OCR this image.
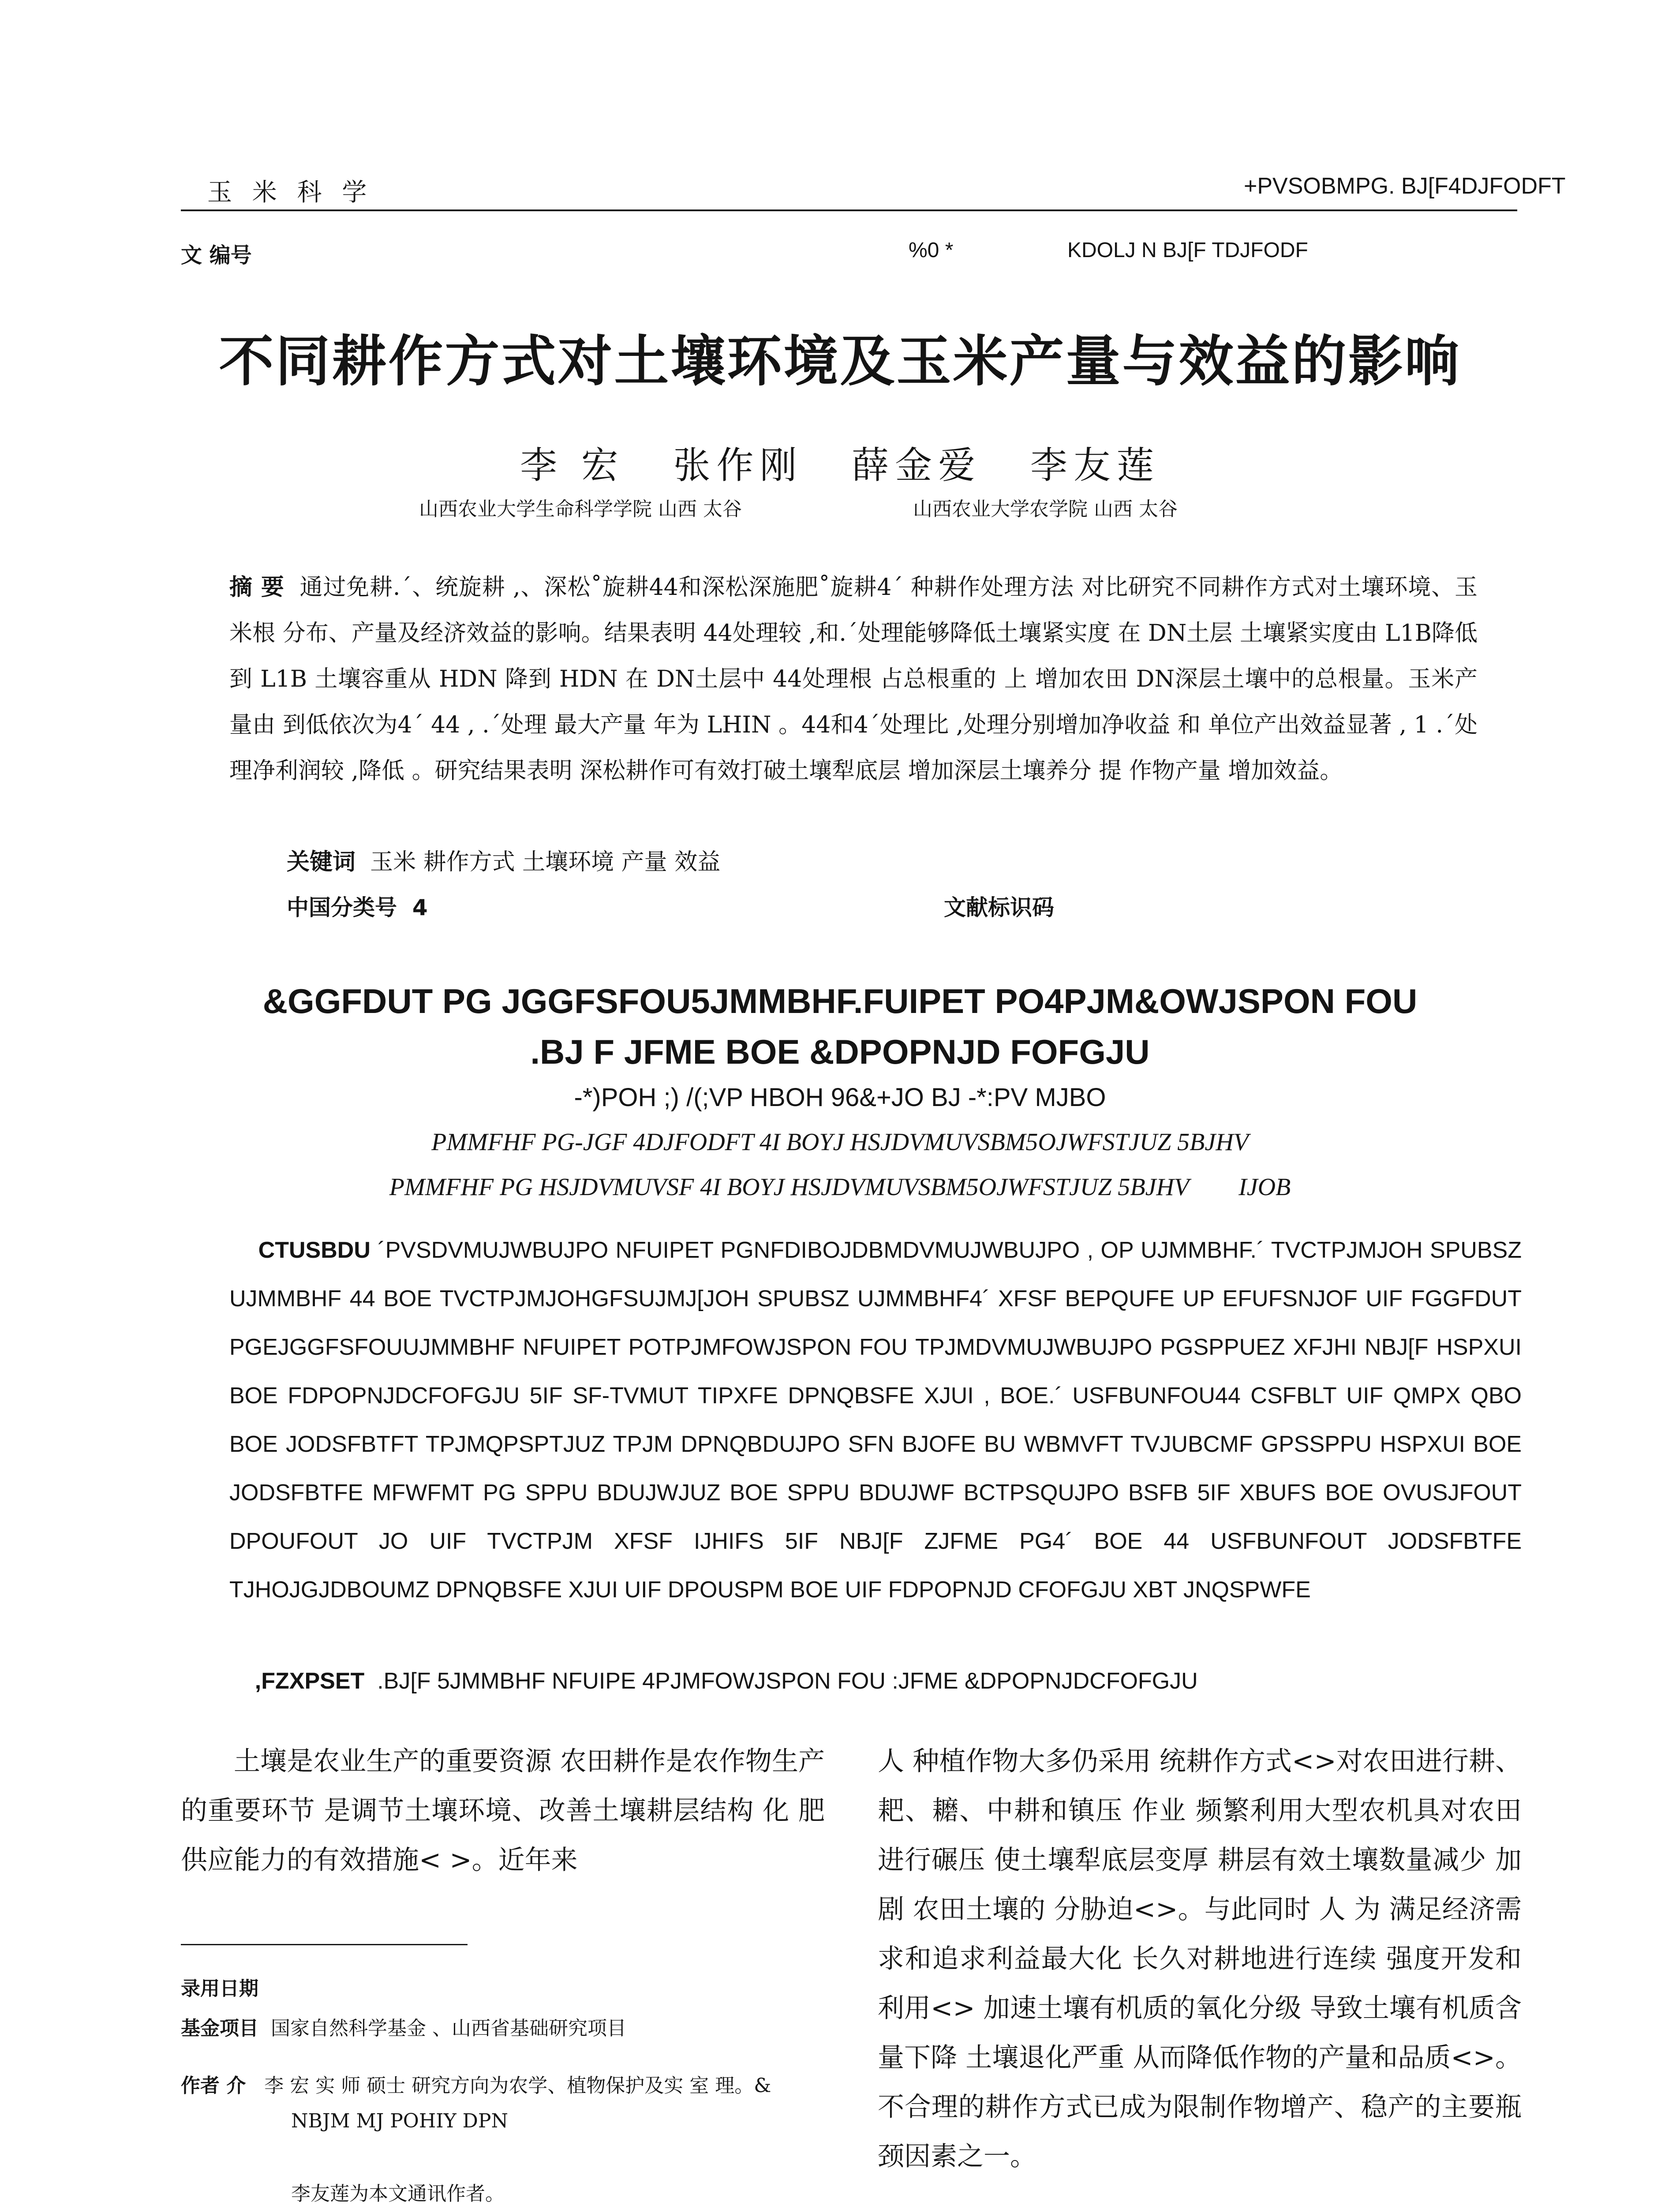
玉 米 科 学	+PVSOBMPG. BJ[F4DJFODFT
文 编号	%0 *	KDOLJ N BJ[F TDJFODF
不同耕作方式对土壤环境及玉米产量与效益的影响

李 宏 张作刚 薛金爱 李友莲

山西农业大学生命科学学院 山西 太谷	山西农业大学农学院 山西 太谷

摘 要 通过免耕.´、统旋耕 ,、深松˚旋耕44和深松深施肥˚旋耕4´ 种耕作处理方法 对比研究不同耕作方式对土壤环境、玉米根 分布、产量及经济效益的影响。结果表明 44处理较 ,和.´处理能够降低土壤紧实度 在 DN土层 土壤紧实度由 L1B降低到 L1B 土壤容重从 HDN 降到 HDN 在 DN土层中 44处理根 占总根重的 上 增加农田 DN深层土壤中的总根量。玉米产量由 到低依次为4´ 44 , .´处理 最大产量 年为 LHIN 。44和4´处理比 ,处理分别增加净收益 和 单位产出效益显著 , 1 .´处理净利润较 ,降低 。研究结果表明 深松耕作可有效打破土壤犁底层 增加深层土壤养分 提 作物产量 增加效益。

关键词 玉米 耕作方式 土壤环境 产量 效益

中国分类号 4	文献标识码

&GGFDUT PG JGGFSFOU5JMMBHF.FUIPET PO4PJM&OWJSPON FOU

.BJ F JFME BOE &DPOPNJD FOFGJU

-*)POH ;) /(;VP HBOH 96&+JO BJ -*:PV MJBO

PMMFHF PG-JGF 4DJFODFT 4I BOYJ HSJDVMUVSBM5OJWFSTJUZ 5BJHV

PMMFHF PG HSJDVMUVSF 4I BOYJ HSJDVMUVSBM5OJWFSTJUZ 5BJHV IJOB

CTUSBDU ´PVSDVMUJWBUJPO NFUIPET PGNFDIBOJDBMDVMUJWBUJPO , OP UJMMBHF.´ TVCTPJMJOH SPUBSZ UJMMBHF 44 BOE TVCTPJMJOHGFSUJMJ[JOH SPUBSZ UJMMBHF4´ XFSF BEPQUFE UP EFUFSNJOF UIF FGGFDUT PGEJGGFSFOUUJMMBHF NFUIPET POTPJMFOWJSPON FOU TPJMDVMUJWBUJPO PGSPPUEZ XFJHI NBJ[F HSPXUI BOE FDPOPNJDCFOFGJU 5IF SF-TVMUT TIPXFE DPNQBSFE XJUI , BOE.´ USFBUNFOU44 CSFBLT UIF QMPX QBO BOE JODSFBTFT TPJMQPSPTJUZ TPJM DPNQBDUJPO SFN BJOFE BU WBMVFT TVJUBCMF GPSSPPU HSPXUI BOE JODSFBTFE MFWFMT PG SPPU BDUJWJUZ BOE SPPU BDUJWF BCTPSQUJPO BSFB 5IF XBUFS BOE OVUSJFOUT DPOUFOUT JO UIF TVCTPJM XFSF IJHIFS 5IF NBJ[F ZJFME PG4´ BOE 44 USFBUNFOUT JODSFBTFE TJHOJGJDBOUMZ DPNQBSFE XJUI UIF DPOUSPM BOE UIF FDPOPNJD CFOFGJU XBT JNQSPWFE

,FZXPSET .BJ[F 5JMMBHF NFUIPE 4PJMFOWJSPON FOU :JFME &DPOPNJDCFOFGJU

土壤是农业生产的重要资源 农田耕作是农作物生产的重要环节 是调节土壤环境、改善土壤耕层结构 化 肥供应能力的有效措施< >。近年来

人 种植作物大多仍采用 统耕作方式<>对农田进行耕、耙、耱、中耕和镇压 作业 频繁利用大型农机具对农田进行碾压 使土壤犁底层变厚 耕层有效土壤数量减少 加剧 农田土壤的 分胁迫<>。与此同时 人 为 满足经济需求和追求利益最大化 长久对耕地进行连续 强度开发和利用<> 加速土壤有机质的氧化分级 导致土壤有机质含量下降 土壤退化严重 从而降低作物的产量和品质<>。不合理的耕作方式已成为限制作物增产、稳产的主要瓶颈因素之一。

录用日期

基金项目 国家自然科学基金 、山西省基础研究项目

作者 介 李 宏 实 师 硕士 研究方向为农学、植物保护及实 室 理。& NBJM MJ POHIY DPN

李友莲为本文通讯作者。
